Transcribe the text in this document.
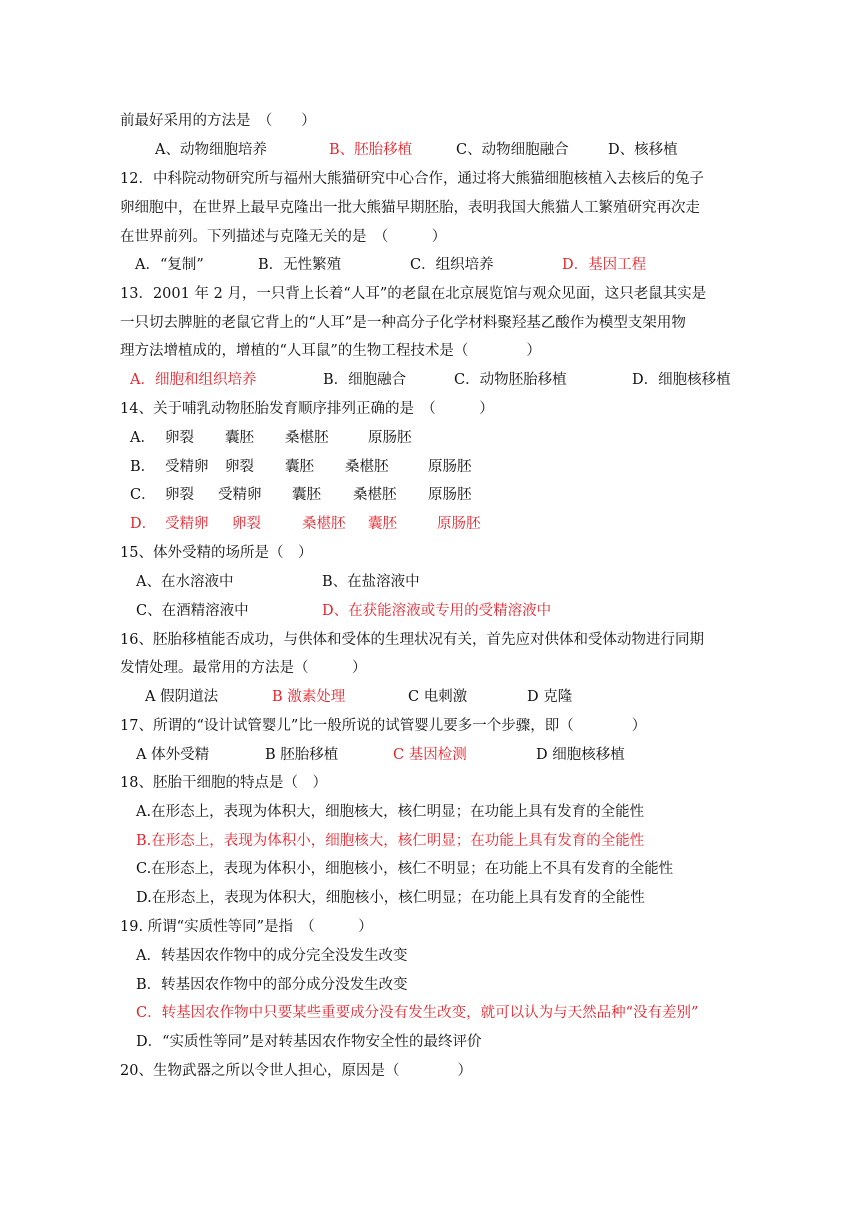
前最好采用的方法是　（　　）
A、动物细胞培养	B、胚胎移植	C、动物细胞融合	D、核移植
12．中科院动物研究所与福州大熊猫研究中心合作，通过将大熊猫细胞核植入去核后的兔子
卵细胞中，在世界上最早克隆出一批大熊猫早期胚胎，表明我国大熊猫人工繁殖研究再次走
在世界前列。下列描述与克隆无关的是　（　　　）
A．“复制”	B．无性繁殖	C．组织培养	D．基因工程
13．2001 年 2 月，一只背上长着“人耳”的老鼠在北京展览馆与观众见面，这只老鼠其实是
一只切去脾脏的老鼠它背上的“人耳”是一种高分子化学材料聚羟基乙酸作为模型支架用物
理方法增植成的，增植的“人耳鼠”的生物工程技术是（　　　　）
A．细胞和组织培养	B．细胞融合	C．动物胚胎移植	D．细胞核移植
14、关于哺乳动物胚胎发育顺序排列正确的是　（　　　）
A． 卵裂 囊胚 桑椹胚	原肠胚
B． 受精卵 卵裂 囊胚 桑椹胚	原肠胚
C． 卵裂 受精卵 囊胚 桑椹胚 原肠胚
D． 受精卵 卵裂	桑椹胚 囊胚	原肠胚
15、体外受精的场所是（　）
A、在水溶液中	B、在盐溶液中
C、在酒精溶液中	D、在获能溶液或专用的受精溶液中
16、胚胎移植能否成功，与供体和受体的生理状况有关，首先应对供体和受体动物进行同期
发情处理。最常用的方法是（　　　）
A 假阴道法	B 激素处理	C 电刺激	D 克隆
17、所谓的“设计试管婴儿”比一般所说的试管婴儿要多一个步骤，即（　　　　）
A 体外受精	B 胚胎移植	C 基因检测	D 细胞核移植
18、胚胎干细胞的特点是（　）
A.在形态上，表现为体积大，细胞核大，核仁明显；在功能上具有发育的全能性
B.在形态上，表现为体积小，细胞核大，核仁明显；在功能上具有发育的全能性
C.在形态上，表现为体积小，细胞核小，核仁不明显；在功能上不具有发育的全能性
D.在形态上，表现为体积大，细胞核小，核仁明显；在功能上具有发育的全能性
19. 所谓“实质性等同”是指　（　　　）
A．转基因农作物中的成分完全没发生改变
B．转基因农作物中的部分成分没发生改变
C．转基因农作物中只要某些重要成分没有发生改变，就可以认为与天然品种“没有差别”
D．“实质性等同”是对转基因农作物安全性的最终评价
20、生物武器之所以令世人担心，原因是（　　　　）
